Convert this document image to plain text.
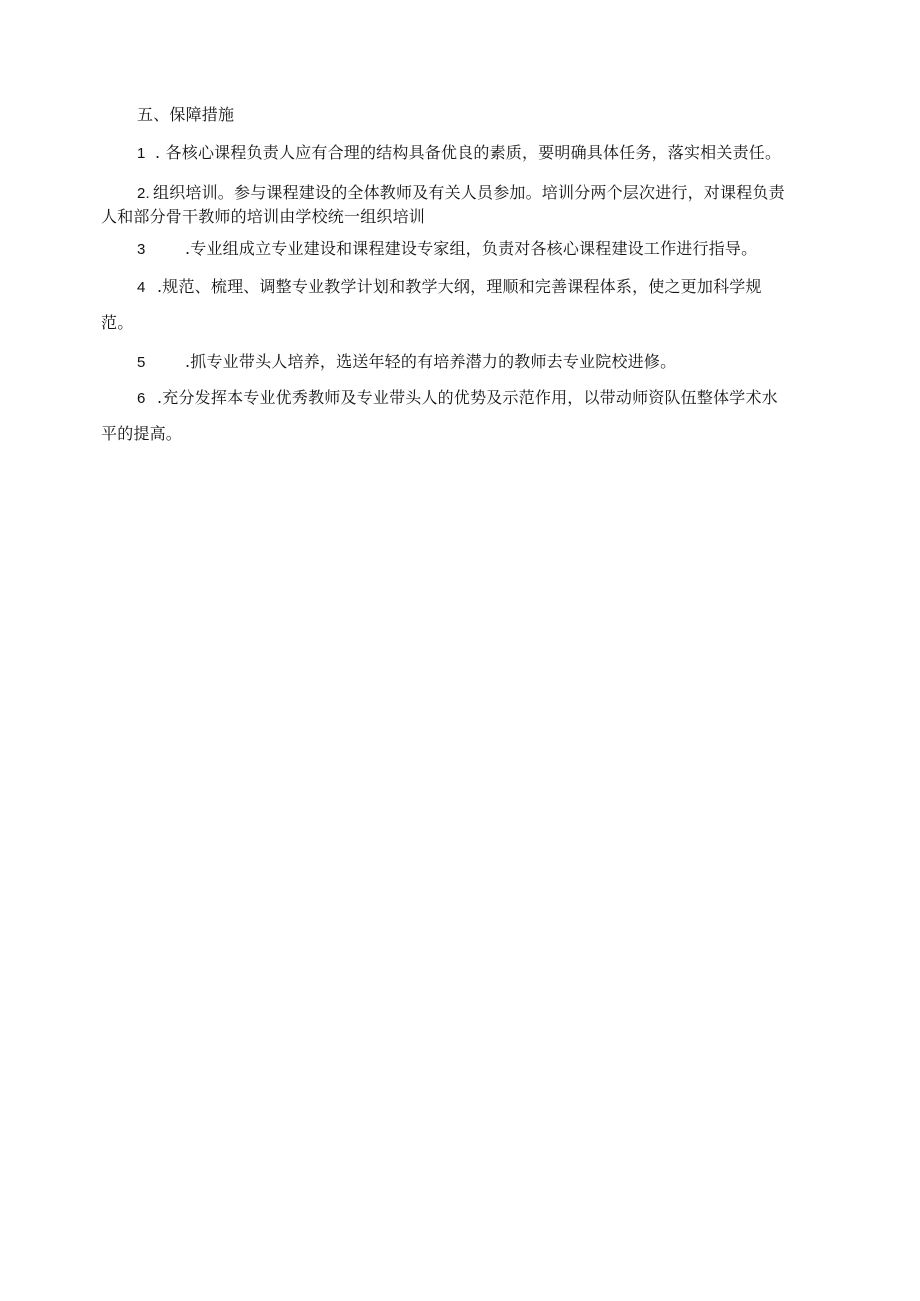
五、保障措施
1 . 各核心课程负责人应有合理的结构具备优良的素质，要明确具体任务，落实相关责任。
2. 组织培训。参与课程建设的全体教师及有关人员参加。培训分两个层次进行，对课程负责
人和部分骨干教师的培训由学校统一组织培训
3 .专业组成立专业建设和课程建设专家组，负责对各核心课程建设工作进行指导。
4 .规范、梳理、调整专业教学计划和教学大纲，理顺和完善课程体系，使之更加科学规
范。
5 .抓专业带头人培养，选送年轻的有培养潜力的教师去专业院校进修。
6 .充分发挥本专业优秀教师及专业带头人的优势及示范作用，以带动师资队伍整体学术水
平的提高。
